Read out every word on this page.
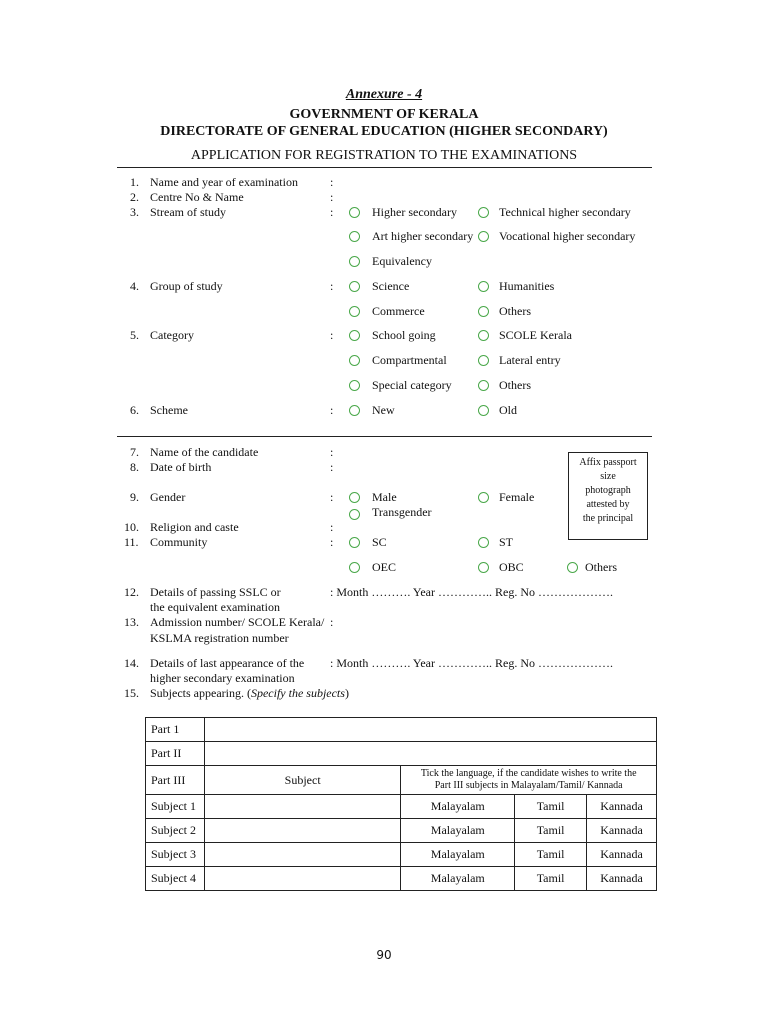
Annexure - 4
GOVERNMENT OF KERALA
DIRECTORATE OF GENERAL EDUCATION (HIGHER SECONDARY)
APPLICATION FOR REGISTRATION TO THE EXAMINATIONS
1. Name and year of examination	:
2. Centre No & Name	:
3. Stream of study	:	Higher secondary	Technical higher secondary
Art higher secondary Vocational higher secondary
Equivalency
4. Group of study	:	Science	Humanities
Commerce	Others
5. Category	:	School going	SCOLE Kerala
Compartmental	Lateral entry
Special category	Others
6. Scheme	:	New	Old
7. Name of the candidate	:
8. Date of birth	:	Affix passport
size
photograph
attested by
the principal
9. Gender	:	Male	Female
Transgender
10. Religion and caste	:
11. Community	:	SC	ST
OEC	OBC	Others
12. Details of passing SSLC or
the equivalent examination
: Month ………. Year ………….. Reg. No ……………….
13. Admission number/ SCOLE Kerala/
KSLMA registration number
:
14. Details of last appearance of the
higher secondary examination
: Month ………. Year ………….. Reg. No ……………….
15. Subjects appearing. (Specify the subjects)
Part 1				
Part II				
Part III	Subject	Tick the language, if the candidate wishes to write the
Part III subjects in Malayalam/Tamil/ Kannada		
Subject 1		Malayalam	Tamil	Kannada
Subject 2		Malayalam	Tamil	Kannada
Subject 3		Malayalam	Tamil	Kannada
Subject 4		Malayalam	Tamil	Kannada
90
